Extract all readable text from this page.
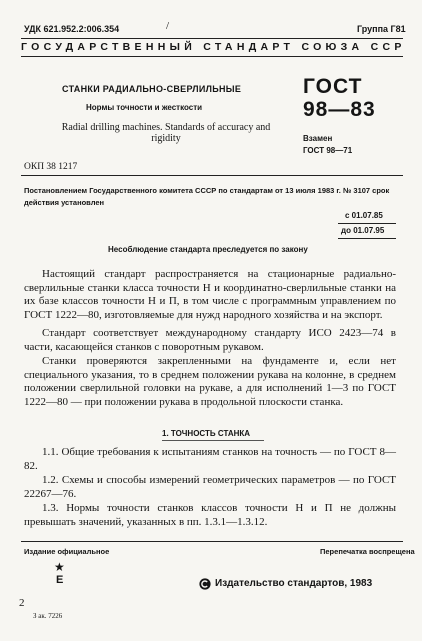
УДК 621.952.2:006.354	/	Группа Г81
ГОСУДАРСТВЕННЫЙ СТАНДАРТ СОЮЗА ССР
СТАНКИ РАДИАЛЬНО-СВЕРЛИЛЬНЫЕ
Нормы точности и жесткости
Radial drilling machines. Standards of accuracy and rigidity
ГОСТ
98—83
Взамен
ГОСТ 98—71
ОКП 38 1217
Постановлением Государственного комитета СССР по стандартам от 13 июля 1983 г. № 3107 срок действия установлен
с 01.07.85
до 01.07.95
Несоблюдение стандарта преследуется по закону
Настоящий стандарт распространяется на стационарные радиально-сверлильные станки класса точности Н и координатно-сверлильные станки на их базе классов точности Н и П, в том числе с программным управлением по ГОСТ 1222—80, изготовляемые для нужд народного хозяйства и на экспорт.
Стандарт соответствует международному стандарту ИСО 2423—74 в части, касающейся станков с поворотным рукавом.
Станки проверяются закрепленными на фундаменте и, если нет специального указания, то в среднем положении рукава на колонне, в среднем положении сверлильной головки на рукаве, а для исполнений 1—3 по ГОСТ 1222—80 — при положении рукава в продольной плоскости станка.
1. ТОЧНОСТЬ СТАНКА
1.1. Общие требования к испытаниям станков на точность — по ГОСТ 8—82.
1.2. Схемы и способы измерений геометрических параметров — по ГОСТ 22267—76.
1.3. Нормы точности станков классов точности Н и П не должны превышать значений, указанных в пп. 1.3.1—1.3.12.
Издание официальное	Перепечатка воспрещена
★
E	Издательство стандартов, 1983
2
З ак. 7226
